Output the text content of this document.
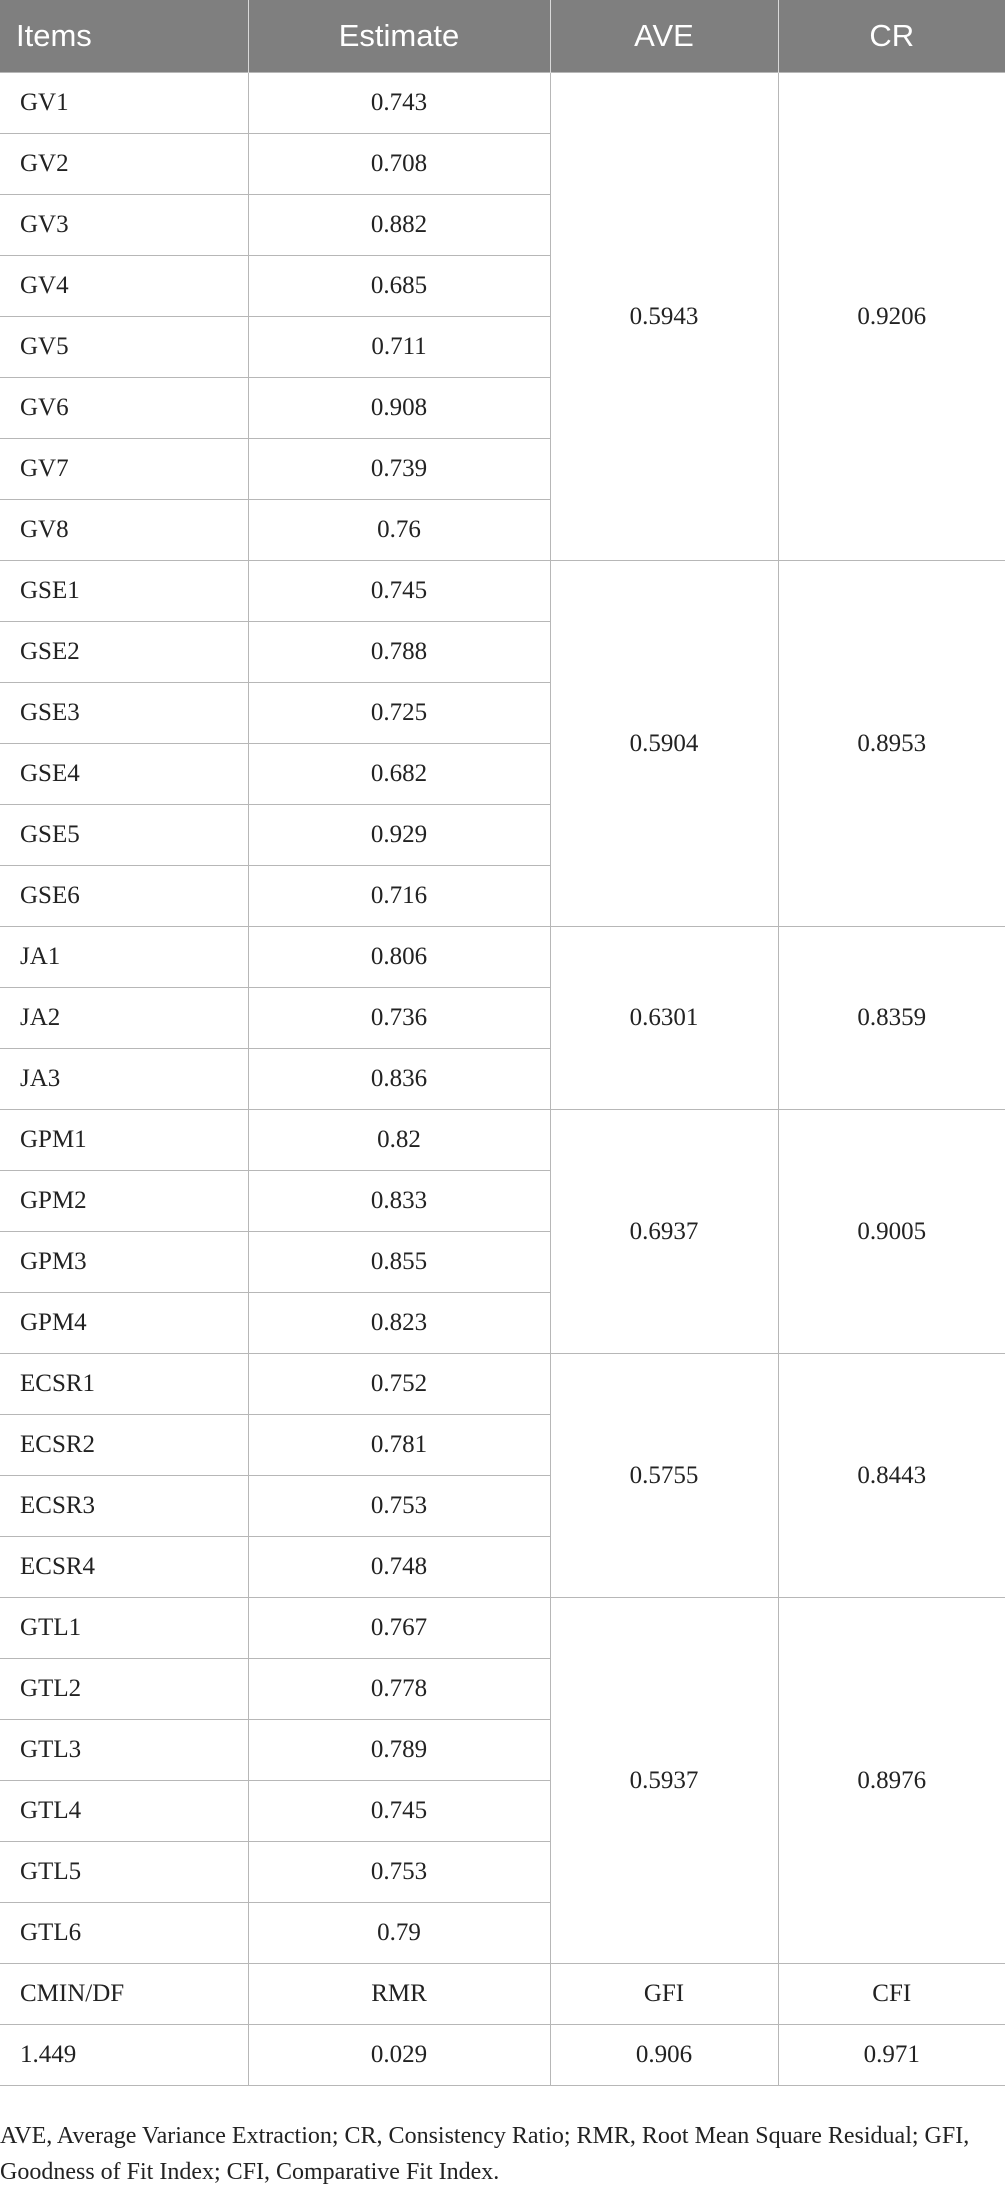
Items	Estimate	AVE	CR
GV1	0.743	0.5943	0.9206
GV2	0.708		
GV3	0.882		
GV4	0.685		
GV5	0.711		
GV6	0.908		
GV7	0.739		
GV8	0.76		
GSE1	0.745	0.5904	0.8953
GSE2	0.788		
GSE3	0.725		
GSE4	0.682		
GSE5	0.929		
GSE6	0.716		
JA1	0.806	0.6301	0.8359
JA2	0.736		
JA3	0.836		
GPM1	0.82	0.6937	0.9005
GPM2	0.833		
GPM3	0.855		
GPM4	0.823		
ECSR1	0.752	0.5755	0.8443
ECSR2	0.781		
ECSR3	0.753		
ECSR4	0.748		
GTL1	0.767	0.5937	0.8976
GTL2	0.778		
GTL3	0.789		
GTL4	0.745		
GTL5	0.753		
GTL6	0.79		
CMIN/DF	RMR	GFI	CFI
1.449	0.029	0.906	0.971

AVE, Average Variance Extraction; CR, Consistency Ratio; RMR, Root Mean Square Residual; GFI, Goodness of Fit Index; CFI, Comparative Fit Index.
